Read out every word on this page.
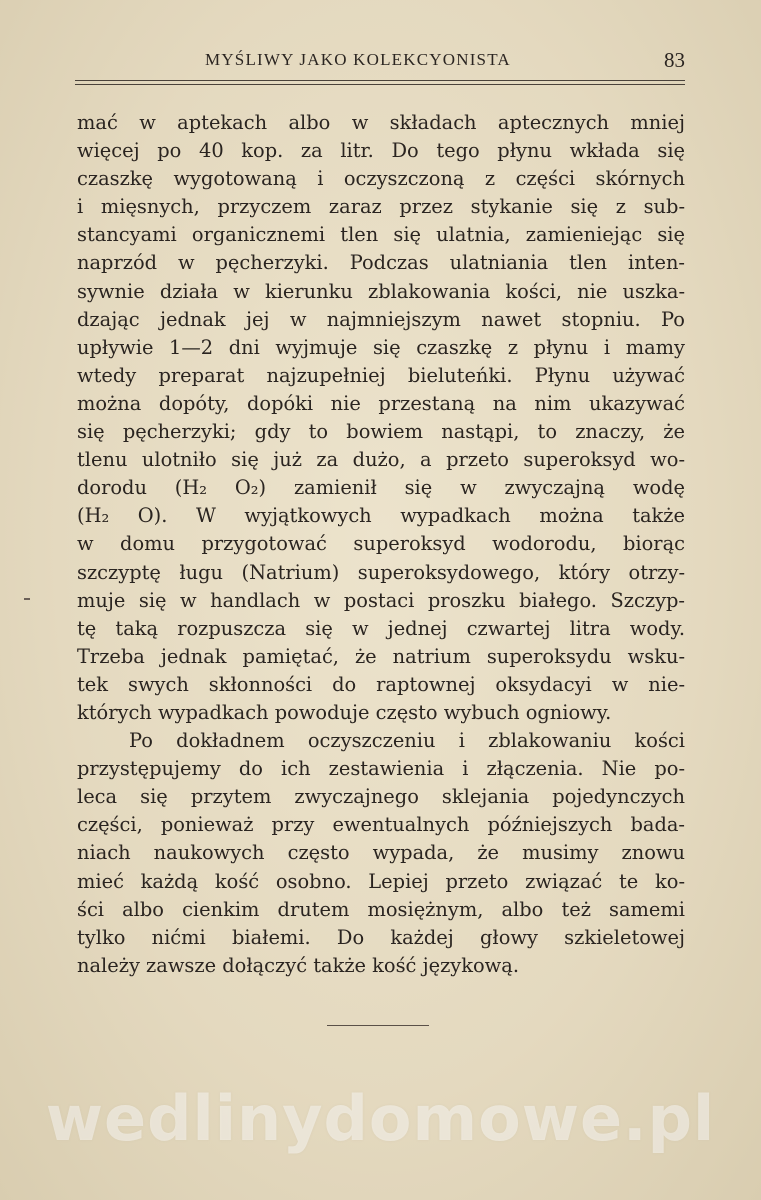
MYŚLIWY JAKO KOLEKCYONISTA	83
mać w aptekach albo w składach aptecznych mniej
więcej po 40 kop. za litr. Do tego płynu wkłada się
czaszkę wygotowaną i oczyszczoną z części skórnych
i mięsnych, przyczem zaraz przez stykanie się z sub-
stancyami organicznemi tlen się ulatnia, zamieniejąc się
naprzód w pęcherzyki. Podczas ulatniania tlen inten-
sywnie działa w kierunku zblakowania kości, nie uszka-
dzając jednak jej w najmniejszym nawet stopniu. Po
upływie 1—2 dni wyjmuje się czaszkę z płynu i mamy
wtedy preparat najzupełniej bieluteńki. Płynu używać
można dopóty, dopóki nie przestaną na nim ukazywać
się pęcherzyki; gdy to bowiem nastąpi, to znaczy, że
tlenu ulotniło się już za dużo, a przeto superoksyd wo-
dorodu (H₂ O₂) zamienił się w zwyczajną wodę
(H₂ O). W wyjątkowych wypadkach można także
w domu przygotować superoksyd wodorodu, biorąc
szczyptę ługu (Natrium) superoksydowego, który otrzy-
muje się w handlach w postaci proszku białego. Szczyp-
tę taką rozpuszcza się w jednej czwartej litra wody.
Trzeba jednak pamiętać, że natrium superoksydu wsku-
tek swych skłonności do raptownej oksydacyi w nie-
których wypadkach powoduje często wybuch ogniowy.
Po dokładnem oczyszczeniu i zblakowaniu kości
przystępujemy do ich zestawienia i złączenia. Nie po-
leca się przytem zwyczajnego sklejania pojedynczych
części, ponieważ przy ewentualnych późniejszych bada-
niach naukowych często wypada, że musimy znowu
mieć każdą kość osobno. Lepiej przeto związać te ko-
ści albo cienkim drutem mosiężnym, albo też samemi
tylko nićmi białemi. Do każdej głowy szkieletowej
należy zawsze dołączyć także kość językową.
wedlinydomowe.pl
